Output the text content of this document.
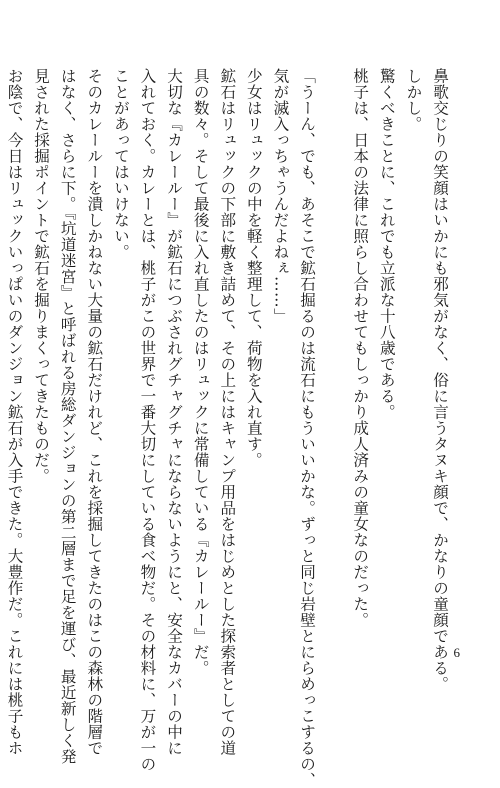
鼻歌交じりの笑顔はいかにも邪気がなく、俗に言うタヌキ顔で、かなりの童顔である。
しかし。
驚くべきことに、これでも立派な十八歳である。
桃子は、日本の法律に照らし合わせてもしっかり成人済みの童女なのだった。
「うーん、でも、あそこで鉱石掘るのは流石にもういいかな。ずっと同じ岩壁とにらめっこするの、
気が滅入っちゃうんだよねぇ……」
少女はリュックの中を軽く整理して、荷物を入れ直す。
鉱石はリュックの下部に敷き詰めて、その上にはキャンプ用品をはじめとした探索者としての道
具の数々。そして最後に入れ直したのはリュックに常備している『カレールー』だ。
大切な『カレールー』が鉱石につぶされグチャグチャにならないようにと、安全なカバーの中に
入れておく。カレーとは、桃子がこの世界で一番大切にしている食べ物だ。その材料に、万が一の
ことがあってはいけない。
そのカレールーを潰しかねない大量の鉱石だけれど、これを採掘してきたのはこの森林の階層で
はなく、さらに下。『坑道迷宮』と呼ばれる房総ダンジョンの第二層まで足を運び、最近新しく発
見された採掘ポイントで鉱石を掘りまくってきたものだ。
お陰で、今日はリュックいっぱいのダンジョン鉱石が入手できた。大豊作だ。これには桃子もホ	6
